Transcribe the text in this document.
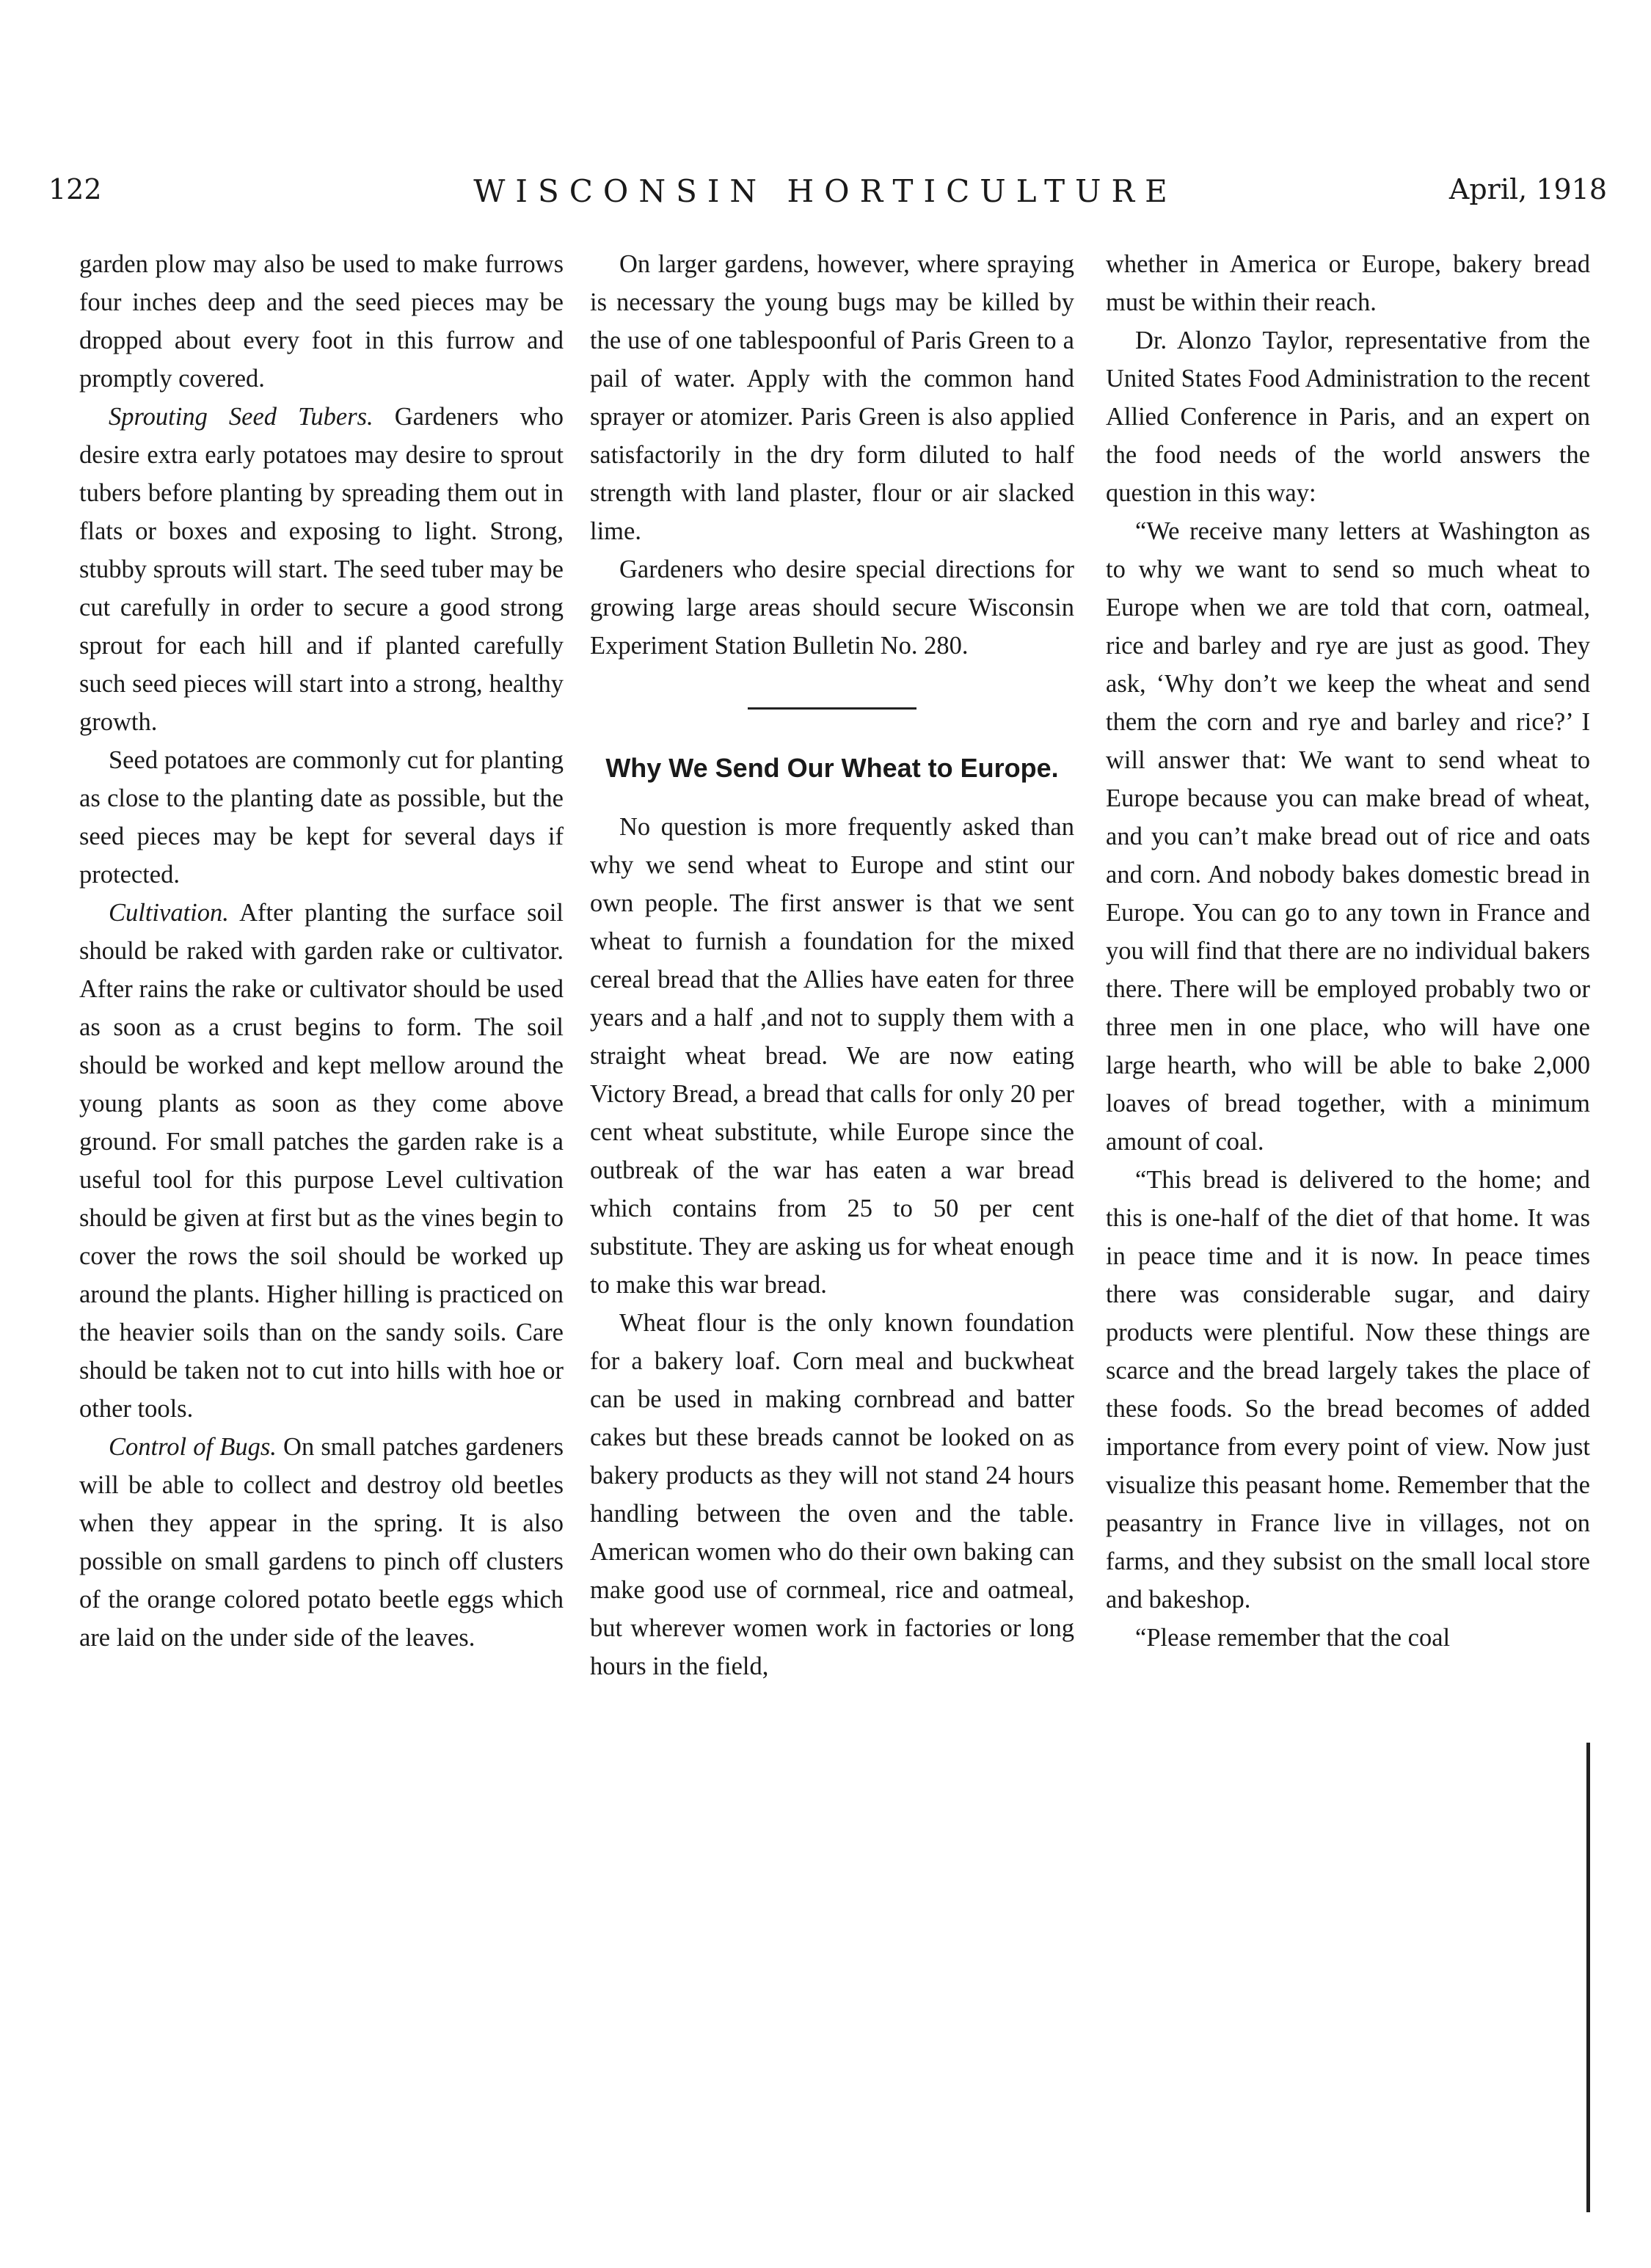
WISCONSIN HORTICULTURE
122	April, 1918

garden plow may also be used to make furrows four inches deep and the seed pieces may be dropped about every foot in this furrow and promptly covered.

Sprouting Seed Tubers. Gardeners who desire extra early potatoes may desire to sprout tubers before planting by spreading them out in flats or boxes and exposing to light. Strong, stubby sprouts will start. The seed tuber may be cut carefully in order to secure a good strong sprout for each hill and if planted carefully such seed pieces will start into a strong, healthy growth.

Seed potatoes are commonly cut for planting as close to the planting date as possible, but the seed pieces may be kept for several days if protected.

Cultivation. After planting the surface soil should be raked with garden rake or cultivator. After rains the rake or cultivator should be used as soon as a crust begins to form. The soil should be worked and kept mellow around the young plants as soon as they come above ground. For small patches the garden rake is a useful tool for this purpose Level cultivation should be given at first but as the vines begin to cover the rows the soil should be worked up around the plants. Higher hilling is practiced on the heavier soils than on the sandy soils. Care should be taken not to cut into hills with hoe or other tools.

Control of Bugs. On small patches gardeners will be able to collect and destroy old beetles when they appear in the spring. It is also possible on small gardens to pinch off clusters of the orange colored potato beetle eggs which are laid on the under side of the leaves.

On larger gardens, however, where spraying is necessary the young bugs may be killed by the use of one tablespoonful of Paris Green to a pail of water. Apply with the common hand sprayer or atomizer. Paris Green is also applied satisfactorily in the dry form diluted to half strength with land plaster, flour or air slacked lime.

Gardeners who desire special directions for growing large areas should secure Wisconsin Experiment Station Bulletin No. 280.

Why We Send Our Wheat to Europe.

No question is more frequently asked than why we send wheat to Europe and stint our own people. The first answer is that we sent wheat to furnish a foundation for the mixed cereal bread that the Allies have eaten for three years and a half ,and not to supply them with a straight wheat bread. We are now eating Victory Bread, a bread that calls for only 20 per cent wheat substitute, while Europe since the outbreak of the war has eaten a war bread which contains from 25 to 50 per cent substitute. They are asking us for wheat enough to make this war bread.

Wheat flour is the only known foundation for a bakery loaf. Corn meal and buckwheat can be used in making cornbread and batter cakes but these breads cannot be looked on as bakery products as they will not stand 24 hours handling between the oven and the table. American women who do their own baking can make good use of cornmeal, rice and oatmeal, but wherever women work in factories or long hours in the field,

whether in America or Europe, bakery bread must be within their reach.

Dr. Alonzo Taylor, representative from the United States Food Administration to the recent Allied Conference in Paris, and an expert on the food needs of the world answers the question in this way:

“We receive many letters at Washington as to why we want to send so much wheat to Europe when we are told that corn, oatmeal, rice and barley and rye are just as good. They ask, ‘Why don’t we keep the wheat and send them the corn and rye and barley and rice?’ I will answer that: We want to send wheat to Europe because you can make bread of wheat, and you can’t make bread out of rice and oats and corn. And nobody bakes domestic bread in Europe. You can go to any town in France and you will find that there are no individual bakers there. There will be employed probably two or three men in one place, who will have one large hearth, who will be able to bake 2,000 loaves of bread together, with a minimum amount of coal.

“This bread is delivered to the home; and this is one-half of the diet of that home. It was in peace time and it is now. In peace times there was considerable sugar, and dairy products were plentiful. Now these things are scarce and the bread largely takes the place of these foods. So the bread becomes of added importance from every point of view. Now just visualize this peasant home. Remember that the peasantry in France live in villages, not on farms, and they subsist on the small local store and bakeshop.

“Please remember that the coal
